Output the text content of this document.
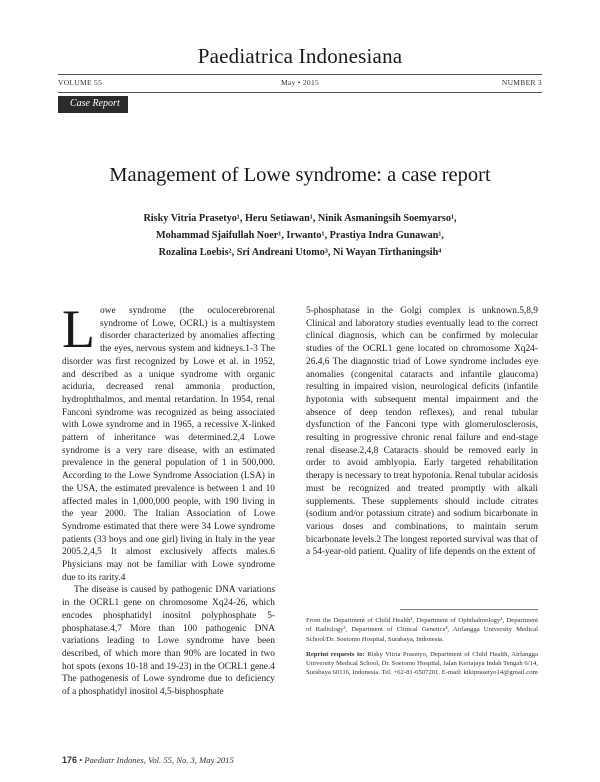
Paediatrica Indonesiana
VOLUME 55	May • 2015	NUMBER 3
Case Report
Management of Lowe syndrome: a case report
Risky Vitria Prasetyo¹, Heru Setiawan¹, Ninik Asmaningsih Soemyarso¹,
Mohammad Sjaifullah Noer¹, Irwanto¹, Prastiya Indra Gunawan¹,
Rozalina Loebis², Sri Andreani Utomo³, Ni Wayan Tirthaningsih⁴

Lowe syndrome (the oculocerebrorenal syndrome of Lowe, OCRL) is a multisystem disorder characterized by anomalies affecting the eyes, nervous system and kidneys.1-3 The disorder was first recognized by Lowe et al. in 1952, and described as a unique syndrome with organic aciduria, decreased renal ammonia production, hydrophthalmos, and mental retardation. In 1954, renal Fanconi syndrome was recognized as being associated with Lowe syndrome and in 1965, a recessive X-linked pattern of inheritance was determined.2,4 Lowe syndrome is a very rare disease, with an estimated prevalence in the general population of 1 in 500,000. According to the Lowe Syndrome Association (LSA) in the USA, the estimated prevalence is between 1 and 10 affected males in 1,000,000 people, with 190 living in the year 2000. The Italian Association of Lowe Syndrome estimated that there were 34 Lowe syndrome patients (33 boys and one girl) living in Italy in the year 2005.2,4,5 It almost exclusively affects males.6 Physicians may not be familiar with Lowe syndrome due to its rarity.4

The disease is caused by pathogenic DNA variations in the OCRL1 gene on chromosome Xq24-26, which encodes phosphatidyl inositol polyphosphate 5-phosphatase.4,7 More than 100 pathogenic DNA variations leading to Lowe syndrome have been described, of which more than 90% are located in two hot spots (exons 10-18 and 19-23) in the OCRL1 gene.4 The pathogenesis of Lowe syndrome due to deficiency of a phosphatidyl inositol 4,5-bisphosphate

5-phosphatase in the Golgi complex is unknown.5,8,9 Clinical and laboratory studies eventually lead to the correct clinical diagnosis, which can be confirmed by molecular studies of the OCRL1 gene located on chromosome Xq24-26.4,6 The diagnostic triad of Lowe syndrome includes eye anomalies (congenital cataracts and infantile glaucoma) resulting in impaired vision, neurological deficits (infantile hypotonia with subsequent mental impairment and the absence of deep tendon reflexes), and renal tubular dysfunction of the Fanconi type with glomerulosclerosis, resulting in progressive chronic renal failure and end-stage renal disease.2,4,8 Cataracts should be removed early in order to avoid amblyopia. Early targeted rehabilitation therapy is necessary to treat hypotonia. Renal tubular acidosis must be recognized and treated promptly with alkali supplements. These supplements should include citrates (sodium and/or potassium citrate) and sodium bicarbonate in various doses and combinations, to maintain serum bicarbonate levels.2 The longest reported survival was that of a 54-year-old patient. Quality of life depends on the extent of

From the Department of Child Health¹, Department of Ophthalmology², Department of Radiology³, Department of Clinical Genetics⁴, Airlangga University Medical School/Dr. Soetomo Hospital, Surabaya, Indonesia.

Reprint requests to: Risky Vitria Prasetyo, Department of Child Health, Airlangga University Medical School, Dr. Soetomo Hospital, Jalan Kertajaya Indah Tengah 6/14, Surabaya 60116, Indonesia. Tel. +62-81-6507201. E-mail: kikiprasetyo14@gmail.com

176 • Paediatr Indones, Vol. 55, No. 3, May 2015
